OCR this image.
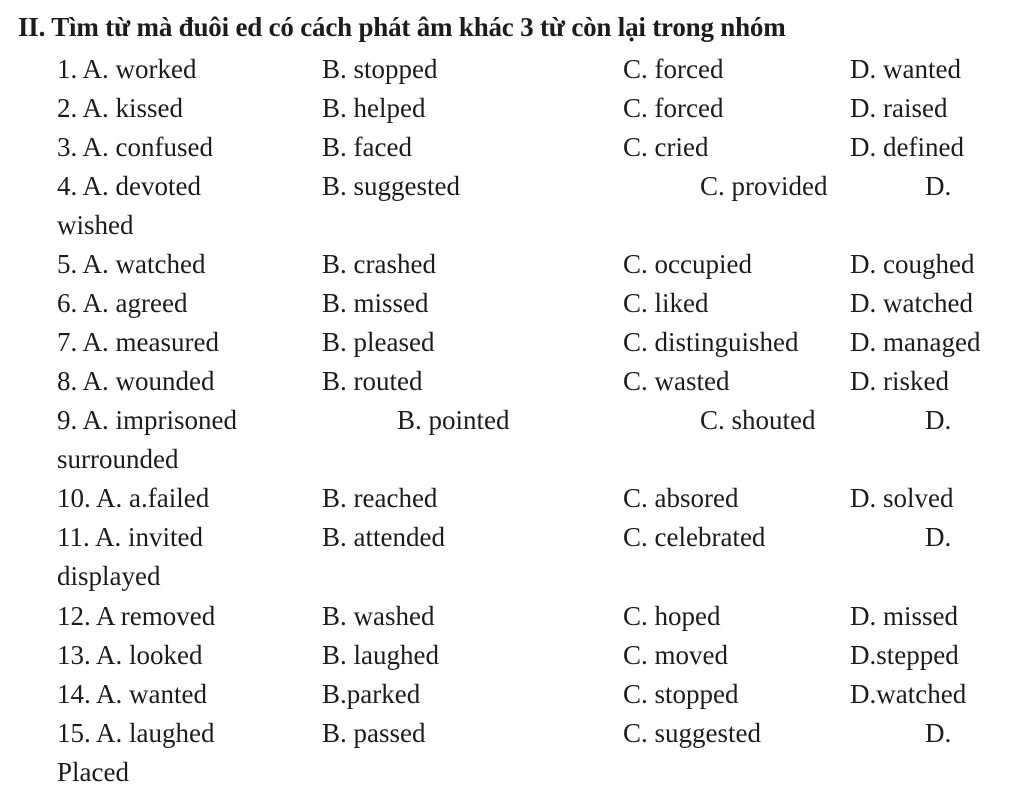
II. Tìm từ mà đuôi ed có cách phát âm khác 3 từ còn lại trong nhóm
1. A. worked	B. stopped	C. forced	D. wanted
2. A. kissed	B. helped	C. forced	D. raised
3. A. confused	B. faced	C. cried	D. defined
4. A. devoted	B. suggested	C. provided	D.
wished
5. A. watched	B. crashed	C. occupied	D. coughed
6. A. agreed	B. missed	C. liked	D. watched
7. A. measured	B. pleased	C. distinguished D. managed
8. A. wounded	B. routed	C. wasted	D. risked
9. A. imprisoned	B. pointed	C. shouted	D.
surrounded
10. A. a.failed	B. reached	C. absored	D. solved
11. A. invited	B. attended	C. celebrated	D.
displayed
12. A removed	B. washed	C. hoped	D. missed
13. A. looked	B. laughed	C. moved	D.stepped
14. A. wanted	B.parked	C. stopped	D.watched
15. A. laughed	B. passed	C. suggested	D.
Placed
